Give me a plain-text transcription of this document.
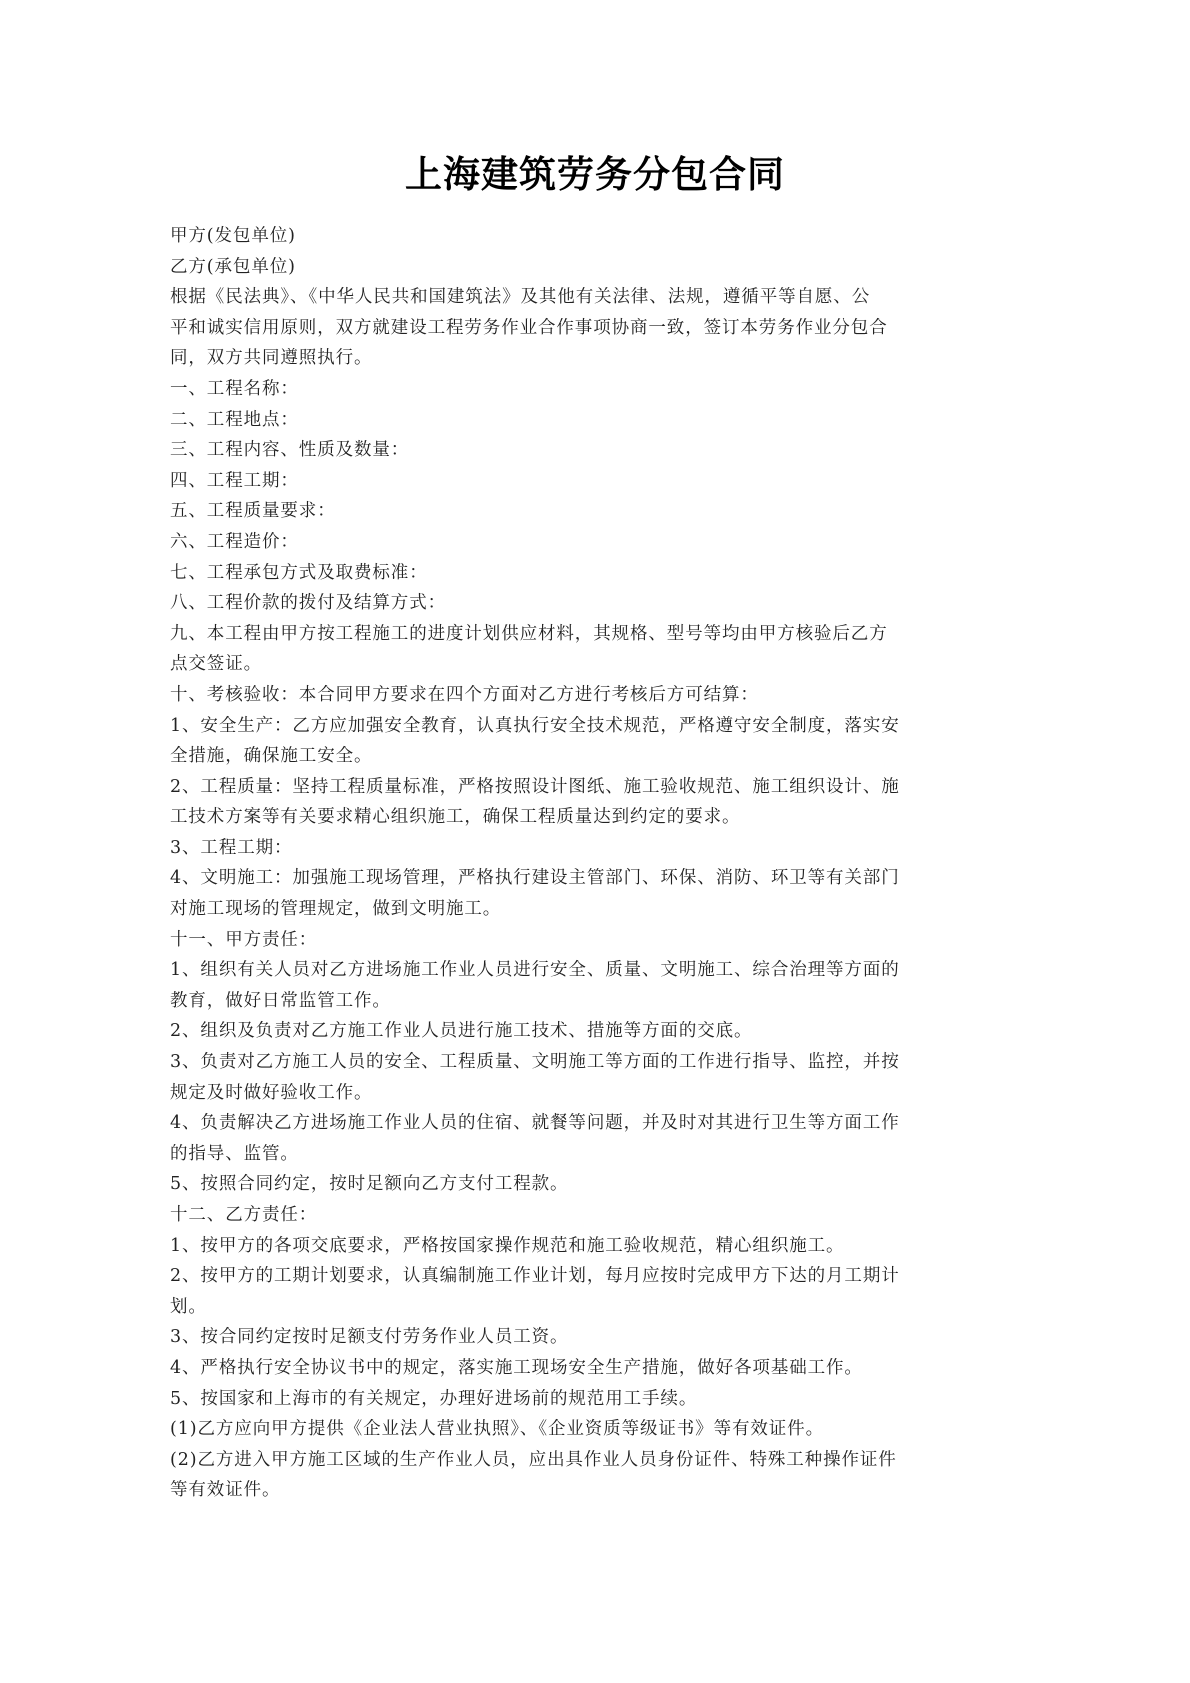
上海建筑劳务分包合同
甲方(发包单位)
乙方(承包单位)
根据《民法典》、《中华人民共和国建筑法》及其他有关法律、法规，遵循平等自愿、公
平和诚实信用原则，双方就建设工程劳务作业合作事项协商一致，签订本劳务作业分包合
同，双方共同遵照执行。
一、工程名称：
二、工程地点：
三、工程内容、性质及数量：
四、工程工期：
五、工程质量要求：
六、工程造价：
七、工程承包方式及取费标准：
八、工程价款的拨付及结算方式：
九、本工程由甲方按工程施工的进度计划供应材料，其规格、型号等均由甲方核验后乙方
点交签证。
十、考核验收：本合同甲方要求在四个方面对乙方进行考核后方可结算：
1、安全生产：乙方应加强安全教育，认真执行安全技术规范，严格遵守安全制度，落实安
全措施，确保施工安全。
2、工程质量：坚持工程质量标准，严格按照设计图纸、施工验收规范、施工组织设计、施
工技术方案等有关要求精心组织施工，确保工程质量达到约定的要求。
3、工程工期：
4、文明施工：加强施工现场管理，严格执行建设主管部门、环保、消防、环卫等有关部门
对施工现场的管理规定，做到文明施工。
十一、甲方责任：
1、组织有关人员对乙方进场施工作业人员进行安全、质量、文明施工、综合治理等方面的
教育，做好日常监管工作。
2、组织及负责对乙方施工作业人员进行施工技术、措施等方面的交底。
3、负责对乙方施工人员的安全、工程质量、文明施工等方面的工作进行指导、监控，并按
规定及时做好验收工作。
4、负责解决乙方进场施工作业人员的住宿、就餐等问题，并及时对其进行卫生等方面工作
的指导、监管。
5、按照合同约定，按时足额向乙方支付工程款。
十二、乙方责任：
1、按甲方的各项交底要求，严格按国家操作规范和施工验收规范，精心组织施工。
2、按甲方的工期计划要求，认真编制施工作业计划，每月应按时完成甲方下达的月工期计
划。
3、按合同约定按时足额支付劳务作业人员工资。
4、严格执行安全协议书中的规定，落实施工现场安全生产措施，做好各项基础工作。
5、按国家和上海市的有关规定，办理好进场前的规范用工手续。
(1)乙方应向甲方提供《企业法人营业执照》、《企业资质等级证书》等有效证件。
(2)乙方进入甲方施工区域的生产作业人员，应出具作业人员身份证件、特殊工种操作证件
等有效证件。
